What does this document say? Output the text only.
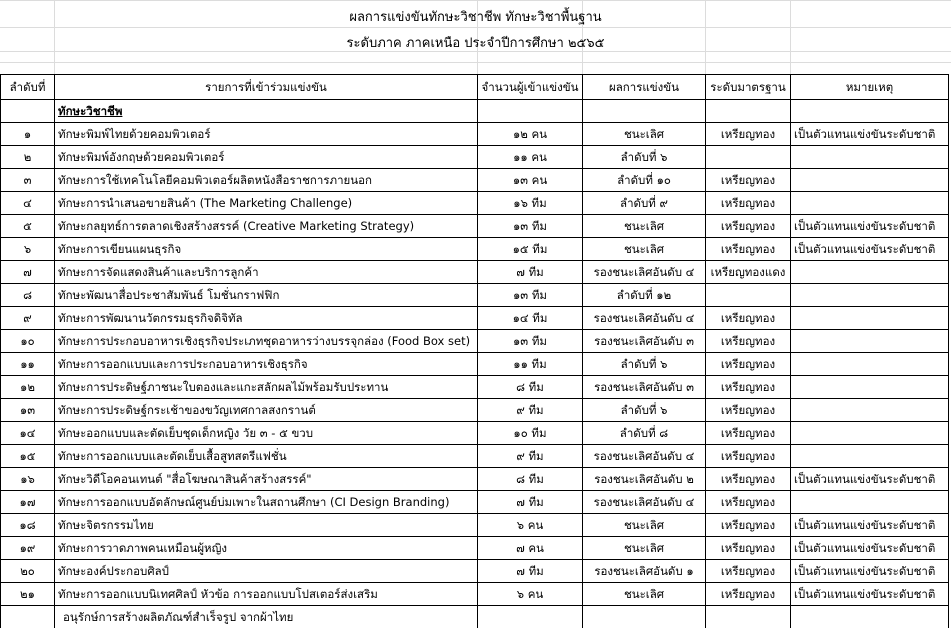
ผลการแข่งขันทักษะวิชาชีพ ทักษะวิชาพื้นฐาน
ระดับภาค ภาคเหนือ ประจำปีการศึกษา ๒๕๖๕
ลำดับที่	รายการที่เข้าร่วมแข่งขัน	จำนวนผู้เข้าแข่งขัน	ผลการแข่งขัน	ระดับมาตรฐาน	หมายเหตุ
	ทักษะวิชาชีพ				
๑	ทักษะพิมพ์ไทยด้วยคอมพิวเตอร์	๑๒ คน	ชนะเลิศ	เหรียญทอง	เป็นตัวแทนแข่งขันระดับชาติ
๒	ทักษะพิมพ์อังกฤษด้วยคอมพิวเตอร์	๑๑ คน	ลำดับที่ ๖		
๓	ทักษะการใช้เทคโนโลยีคอมพิวเตอร์ผลิตหนังสือราชการภายนอก	๑๓ คน	ลำดับที่ ๑๐	เหรียญทอง	
๔	ทักษะการนำเสนอขายสินค้า (The Marketing Challenge)	๑๖ ทีม	ลำดับที่ ๙	เหรียญทอง	
๕	ทักษะกลยุทธ์การตลาดเชิงสร้างสรรค์ (Creative Marketing Strategy)	๑๓ ทีม	ชนะเลิศ	เหรียญทอง	เป็นตัวแทนแข่งขันระดับชาติ
๖	ทักษะการเขียนแผนธุรกิจ	๑๕ ทีม	ชนะเลิศ	เหรียญทอง	เป็นตัวแทนแข่งขันระดับชาติ
๗	ทักษะการจัดแสดงสินค้าและบริการลูกค้า	๗ ทีม	รองชนะเลิศอันดับ ๔	เหรียญทองแดง	
๘	ทักษะพัฒนาสื่อประชาสัมพันธ์ โมชั่นกราฟฟิก	๑๓ ทีม	ลำดับที่ ๑๒		
๙	ทักษะการพัฒนานวัตกรรมธุรกิจดิจิทัล	๑๔ ทีม	รองชนะเลิศอันดับ ๔	เหรียญทอง	
๑๐	ทักษะการประกอบอาหารเชิงธุรกิจประเภทชุดอาหารว่างบรรจุกล่อง (Food Box set)	๑๓ ทีม	รองชนะเลิศอันดับ ๓	เหรียญทอง	
๑๑	ทักษะการออกแบบและการประกอบอาหารเชิงธุรกิจ	๑๑ ทีม	ลำดับที่ ๖	เหรียญทอง	
๑๒	ทักษะการประดิษฐ์ภาชนะใบตองและแกะสลักผลไม้พร้อมรับประทาน	๘ ทีม	รองชนะเลิศอันดับ ๓	เหรียญทอง	
๑๓	ทักษะการประดิษฐ์กระเช้าของขวัญเทศกาลสงกรานต์	๙ ทีม	ลำดับที่ ๖	เหรียญทอง	
๑๔	ทักษะออกแบบและตัดเย็บชุดเด็กหญิง วัย ๓ - ๕ ขวบ	๑๐ ทีม	ลำดับที่ ๘	เหรียญทอง	
๑๕	ทักษะการออกแบบและตัดเย็บเสื้อสูทสตรีแฟชั่น	๙ ทีม	รองชนะเลิศอันดับ ๔	เหรียญทอง	
๑๖	ทักษะวิดีโอคอนเทนต์ "สื่อโฆษณาสินค้าสร้างสรรค์"	๘ ทีม	รองชนะเลิศอันดับ ๒	เหรียญทอง	เป็นตัวแทนแข่งขันระดับชาติ
๑๗	ทักษะการออกแบบอัตลักษณ์ศูนย์บ่มเพาะในสถานศึกษา (CI Design Branding)	๗ ทีม	รองชนะเลิศอันดับ ๔	เหรียญทอง	
๑๘	ทักษะจิตรกรรมไทย	๖ คน	ชนะเลิศ	เหรียญทอง	เป็นตัวแทนแข่งขันระดับชาติ
๑๙	ทักษะการวาดภาพคนเหมือนผู้หญิง	๗ คน	ชนะเลิศ	เหรียญทอง	เป็นตัวแทนแข่งขันระดับชาติ
๒๐	ทักษะองค์ประกอบศิลป์	๗ ทีม	รองชนะเลิศอันดับ ๑	เหรียญทอง	เป็นตัวแทนแข่งขันระดับชาติ
๒๑	ทักษะการออกแบบนิเทศศิลป์ หัวข้อ การออกแบบโปสเตอร์ส่งเสริม	๖ คน	ชนะเลิศ	เหรียญทอง	เป็นตัวแทนแข่งขันระดับชาติ
	อนุรักษ์การสร้างผลิตภัณฑ์สำเร็จรูป จากผ้าไทย				
